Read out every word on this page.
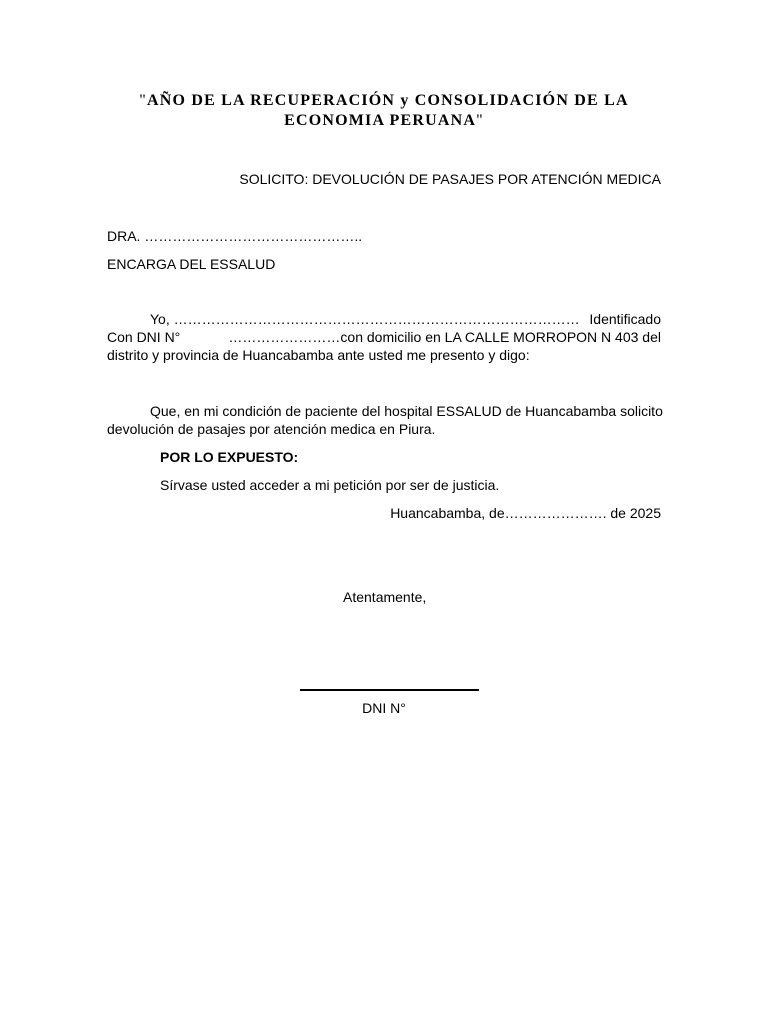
"AÑO DE LA RECUPERACIÓN y CONSOLIDACIÓN DE LA
ECONOMIA PERUANA"
SOLICITO: DEVOLUCIÓN DE PASAJES POR ATENCIÓN MEDICA
DRA. ………………………………………..
ENCARGA DEL ESSALUD
Yo, …………………………………………………………………………… Identificado
Con DNI N°	……………………con domicilio en LA CALLE MORROPON N 403 del
distrito y provincia de Huancabamba ante usted me presento y digo:
Que, en mi condición de paciente del hospital ESSALUD de Huancabamba solicito
devolución de pasajes por atención medica en Piura.
POR LO EXPUESTO:
Sírvase usted acceder a mi petición por ser de justicia.
Huancabamba, de…………………. de 2025
Atentamente,
DNI N°
